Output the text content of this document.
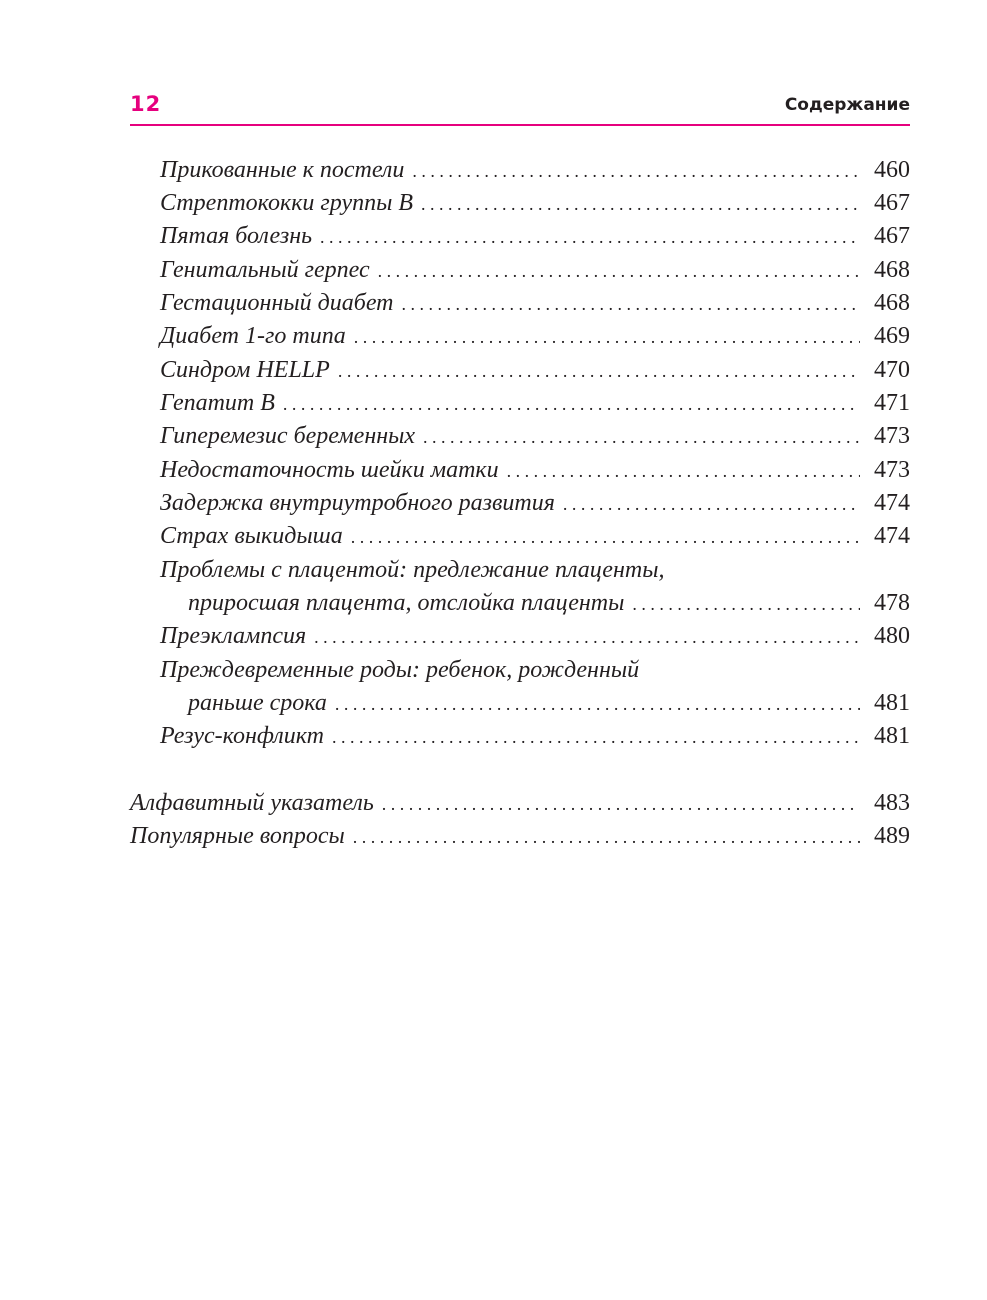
12	Содержание
Прикованные к постели . . .	460
Стрептококки группы В . . .	467
Пятая болезнь . . .	467
Генитальный герпес . . .	468
Гестационный диабет . . .	468
Диабет 1-го типа . . .	469
Синдром HELLP . . .	470
Гепатит В . . .	471
Гиперемезис беременных . . .	473
Недостаточность шейки матки . . .	473
Задержка внутриутробного развития . . .	474
Страх выкидыша . . .	474
Проблемы с плацентой: предлежание плаценты,
приросшая плацента, отслойка плаценты . . .	478
Преэклампсия . . .	480
Преждевременные роды: ребенок, рожденный
раньше срока . . .	481
Резус-конфликт . . .	481
Алфавитный указатель . . .	483
Популярные вопросы . . .	489
